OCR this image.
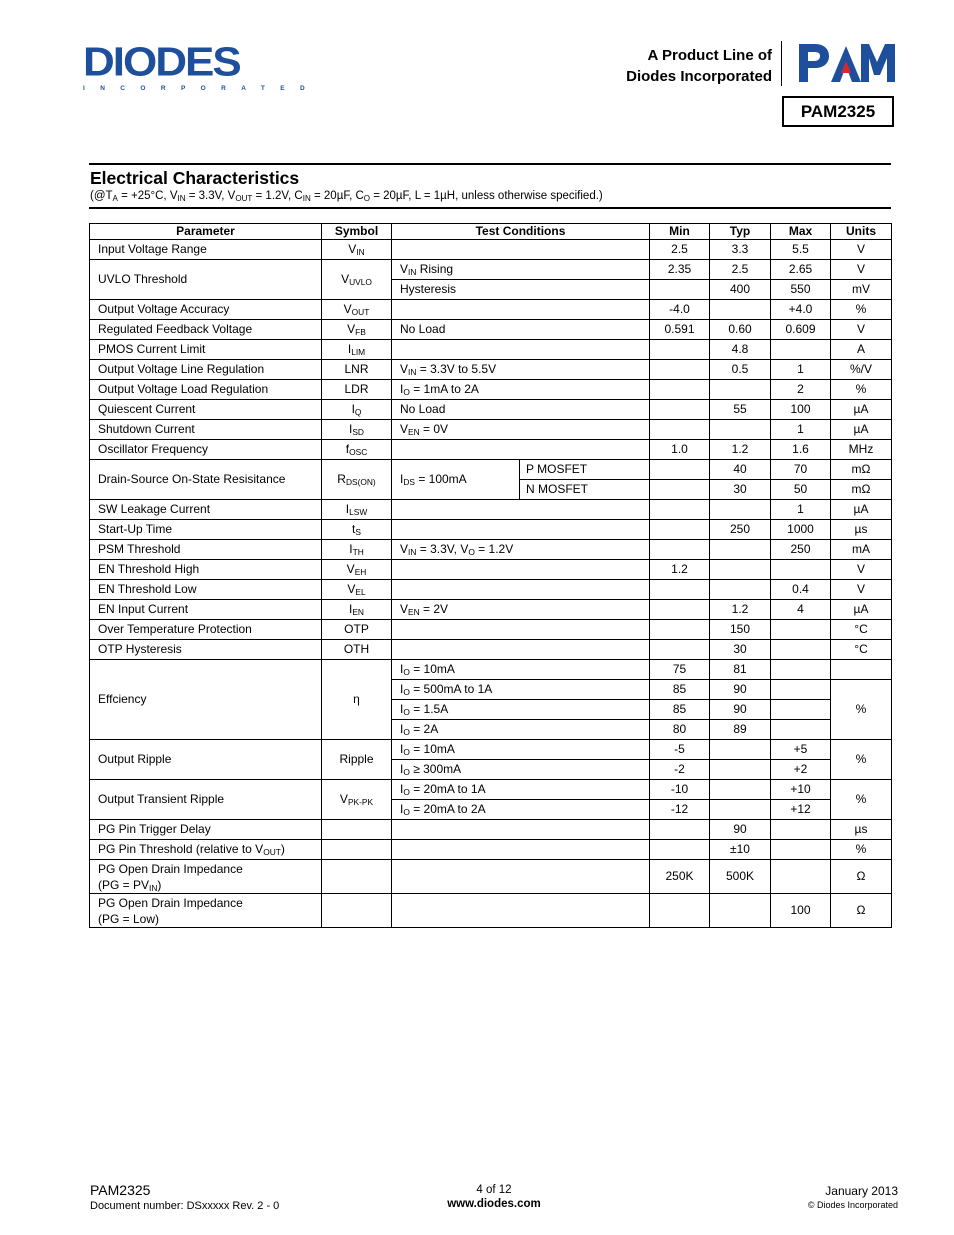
DIODES
INCORPORATED
A Product Line of
Diodes Incorporated
PAM2325
Electrical Characteristics
($@T_A = +25^\circ C$, $V_{IN} = 3.3V$, $V_{OUT} = 1.2V$, $C_{IN} = 20\mu F$, $C_O = 20\mu F$, L = 1µH, unless otherwise specified.)
Parameter	Symbol	Test Conditions		Min	Typ	Max	Units
Input Voltage Range	$V_{IN}$			2.5	3.3	5.5	V
UVLO Threshold	$V_{UVLO}$	$V_{IN}$ Rising		2.35	2.5	2.65	V
		Hysteresis			400	550	mV
Output Voltage Accuracy	$V_{OUT}$			-4.0		+4.0	%
Regulated Feedback Voltage	$V_{FB}$	No Load		0.591	0.60	0.609	V
PMOS Current Limit	$I_{LIM}$				4.8		A
Output Voltage Line Regulation	LNR	$V_{IN} = 3.3V$ to 5.5V			0.5	1	%/V
Output Voltage Load Regulation	LDR	$I_O = 1mA$ to 2A				2	%
Quiescent Current	$I_Q$	No Load			55	100	µA
Shutdown Current	$I_{SD}$	$V_{EN} = 0V$				1	µA
Oscillator Frequency	$f_{OSC}$			1.0	1.2	1.6	MHz
Drain-Source On-State Resisitance	$R_{DS(ON)}$	$I_{DS} = 100mA$	P MOSFET		40	70	mΩ
			N MOSFET		30	50	mΩ
SW Leakage Current	$I_{LSW}$					1	µA
Start-Up Time	$t_S$				250	1000	µs
PSM Threshold	$I_{TH}$	$V_{IN} = 3.3V$, $V_O = 1.2V$				250	mA
EN Threshold High	$V_{EH}$			1.2			V
EN Threshold Low	$V_{EL}$					0.4	V
EN Input Current	$I_{EN}$	$V_{EN} = 2V$			1.2	4	µA
Over Temperature Protection	OTP				150		°C
OTP Hysteresis	OTH				30		°C
Effciency	η	$I_O = 10mA$		75	81		
		$I_O = 500mA$ to 1A		85	90		%
		$I_O = 1.5A$		85	90		
		$I_O = 2A$		80	89		
Output Ripple	Ripple	$I_O = 10mA$		-5		+5	%
		$I_O \ge 300mA$		-2		+2	
Output Transient Ripple	$V_{PK-PK}$	$I_O = 20mA$ to 1A		-10		+10	%
		$I_O = 20mA$ to 2A		-12		+12	
PG Pin Trigger Delay					90		µs
PG Pin Threshold (relative to $V_{OUT}$)					±10		%
PG Open Drain Impedance
$(PG = PV_{IN})$				250K	500K		Ω
PG Open Drain Impedance
(PG = Low)						100	Ω
PAM2325
Document number: DSxxxxx Rev. 2 - 0
4 of 12
www.diodes.com
January 2013
© Diodes Incorporated
